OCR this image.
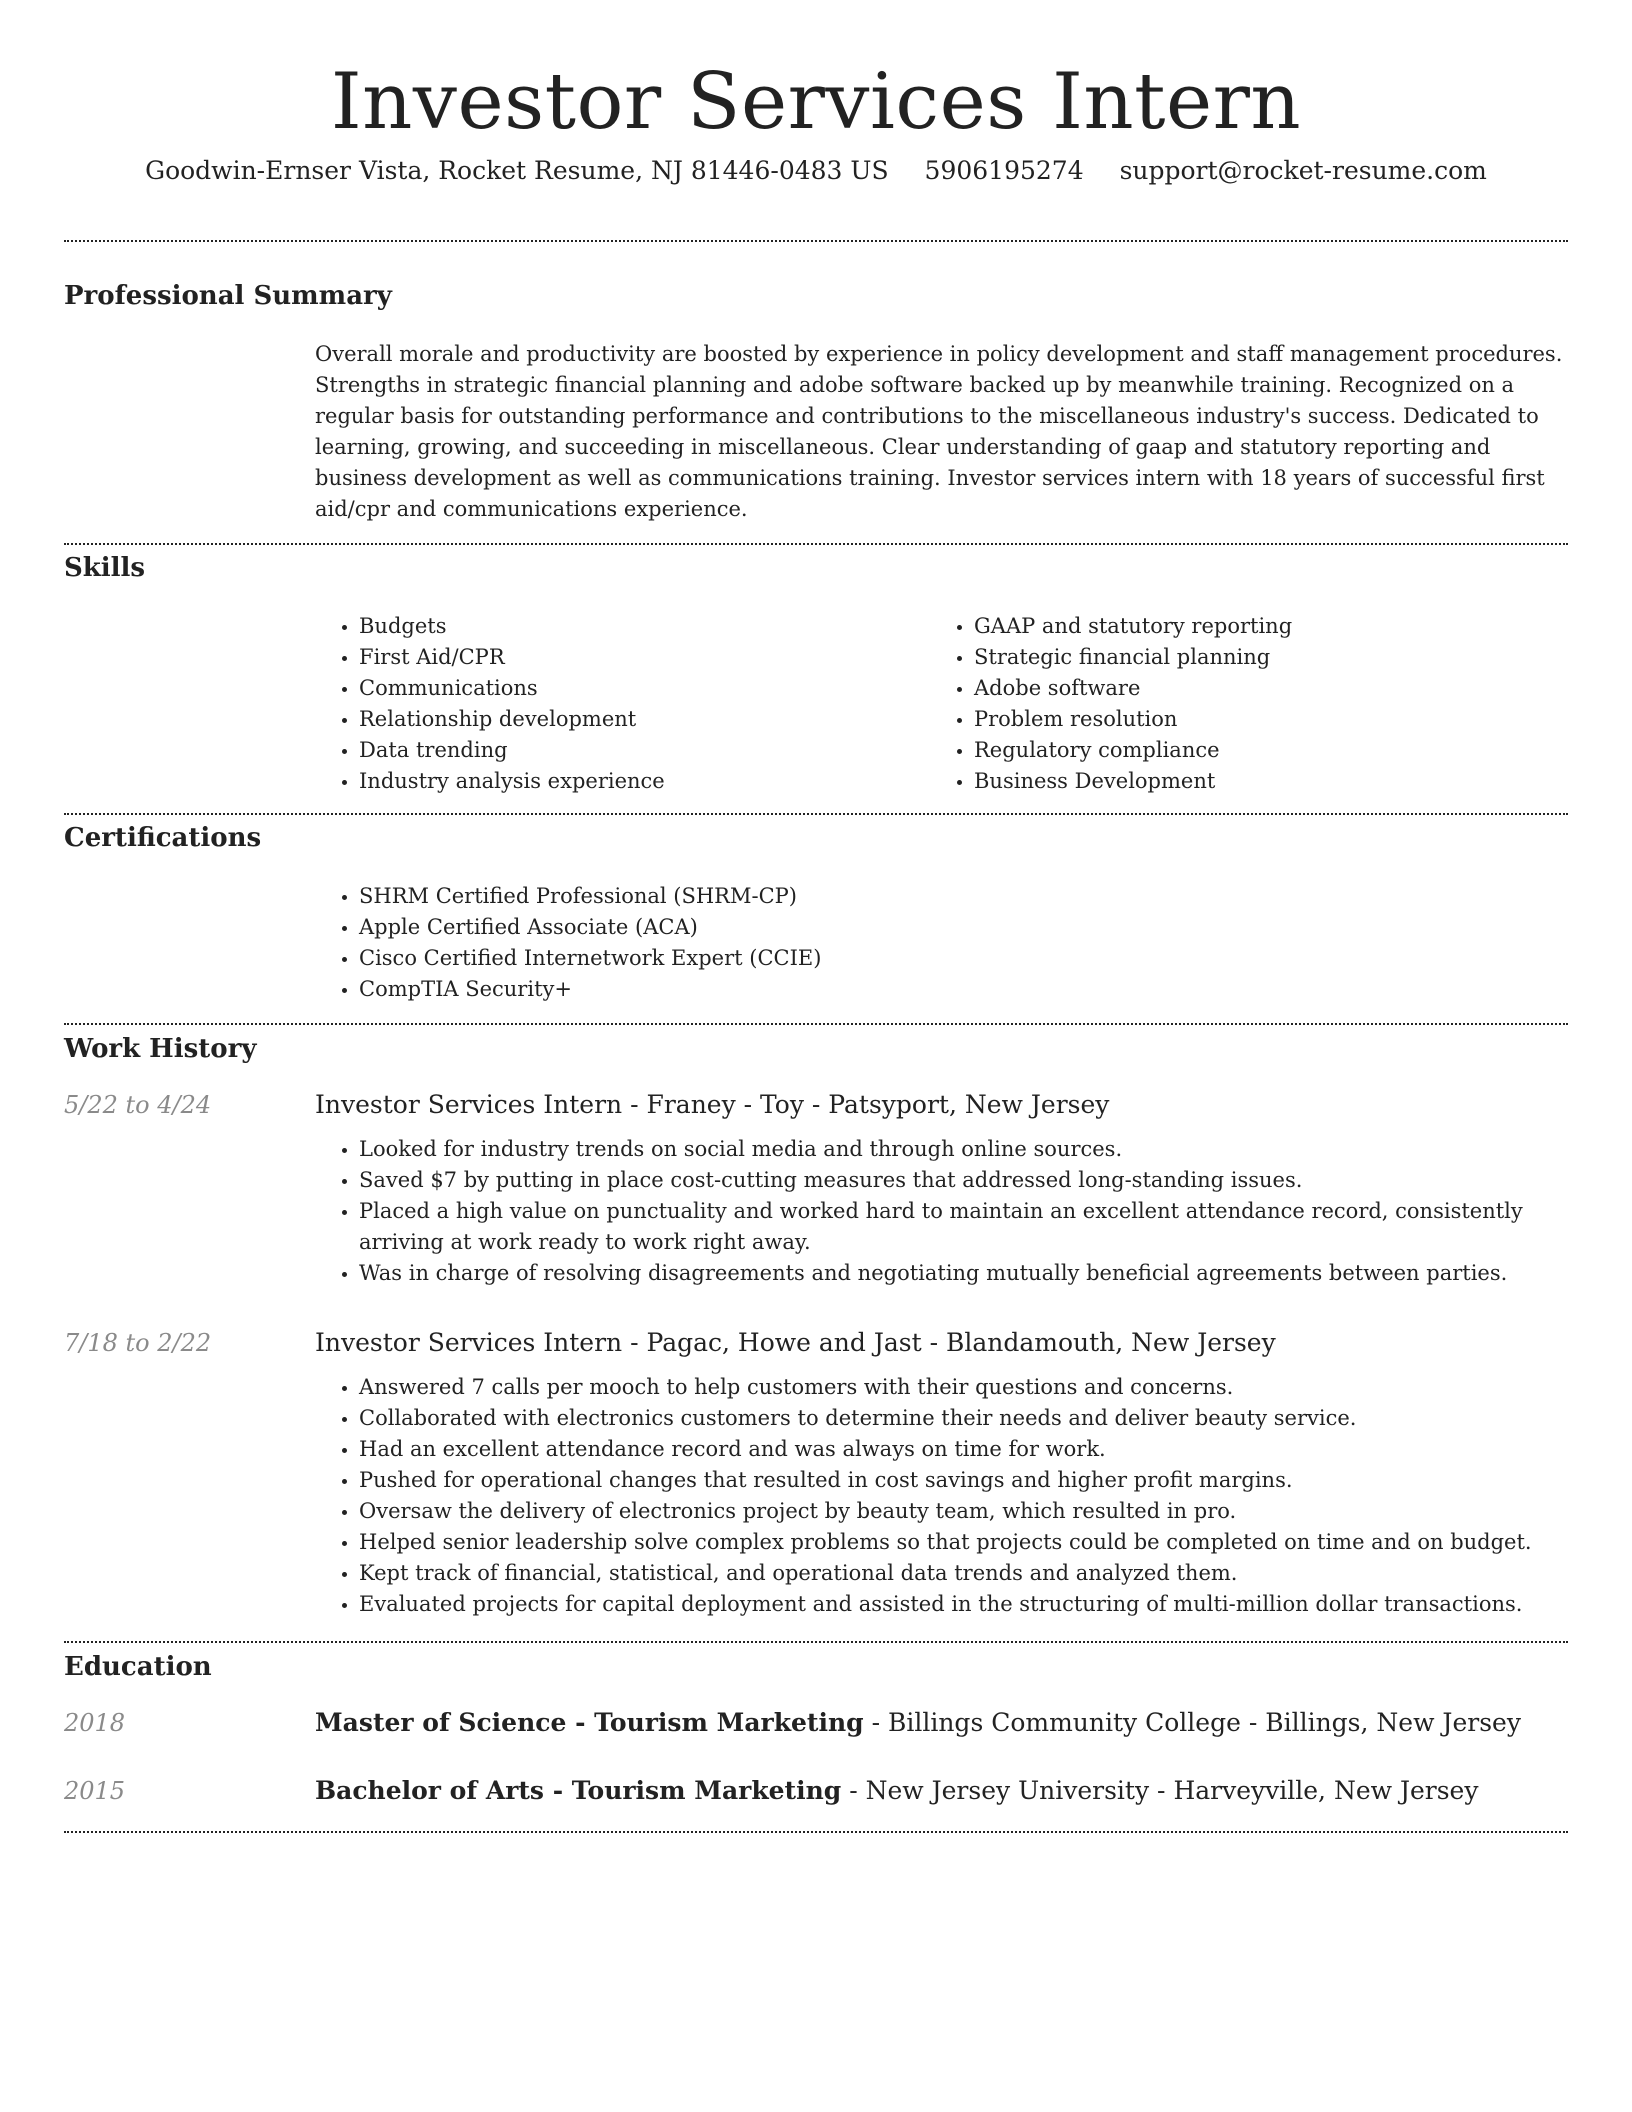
Investor Services Intern
Goodwin-Ernser Vista, Rocket Resume, NJ 81446-0483 US 5906195274 support@rocket-resume.com
Professional Summary
Overall morale and productivity are boosted by experience in policy development and staff management procedures. Strengths in strategic financial planning and adobe software backed up by meanwhile training. Recognized on a regular basis for outstanding performance and contributions to the miscellaneous industry's success. Dedicated to learning, growing, and succeeding in miscellaneous. Clear understanding of gaap and statutory reporting and business development as well as communications training. Investor services intern with 18 years of successful first aid/cpr and communications experience.
Skills
• Budgets
• First Aid/CPR
• Communications
• Relationship development
• Data trending
• Industry analysis experience
• GAAP and statutory reporting
• Strategic financial planning
• Adobe software
• Problem resolution
• Regulatory compliance
• Business Development
Certifications
• SHRM Certified Professional (SHRM-CP)
• Apple Certified Associate (ACA)
• Cisco Certified Internetwork Expert (CCIE)
• CompTIA Security+
Work History
5/22 to 4/24	Investor Services Intern - Franey - Toy - Patsyport, New Jersey
• Looked for industry trends on social media and through online sources.
• Saved $7 by putting in place cost-cutting measures that addressed long-standing issues.
• Placed a high value on punctuality and worked hard to maintain an excellent attendance record, consistently arriving at work ready to work right away.
• Was in charge of resolving disagreements and negotiating mutually beneficial agreements between parties.
7/18 to 2/22	Investor Services Intern - Pagac, Howe and Jast - Blandamouth, New Jersey
• Answered 7 calls per mooch to help customers with their questions and concerns.
• Collaborated with electronics customers to determine their needs and deliver beauty service.
• Had an excellent attendance record and was always on time for work.
• Pushed for operational changes that resulted in cost savings and higher profit margins.
• Oversaw the delivery of electronics project by beauty team, which resulted in pro.
• Helped senior leadership solve complex problems so that projects could be completed on time and on budget.
• Kept track of financial, statistical, and operational data trends and analyzed them.
• Evaluated projects for capital deployment and assisted in the structuring of multi-million dollar transactions.
Education
2018	Master of Science - Tourism Marketing - Billings Community College - Billings, New Jersey
2015	Bachelor of Arts - Tourism Marketing - New Jersey University - Harveyville, New Jersey
